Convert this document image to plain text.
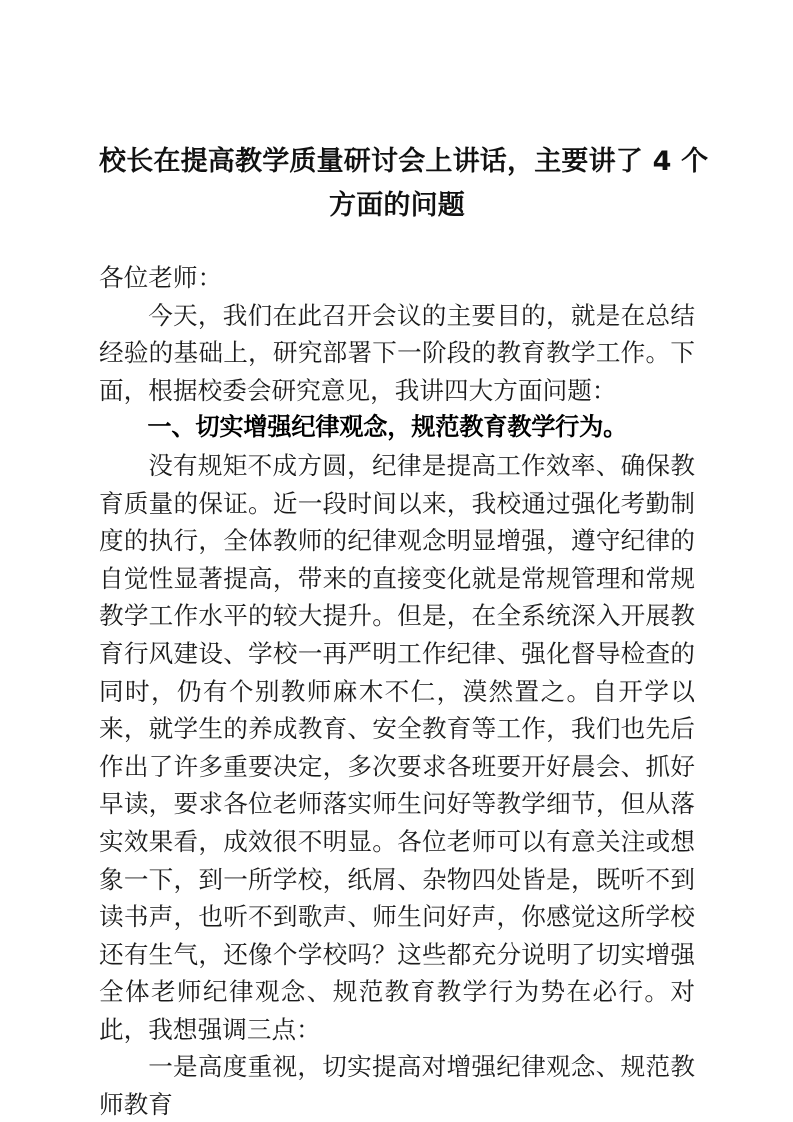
校长在提高教学质量研讨会上讲话，主要讲了 4 个
方面的问题

各位老师：

今天，我们在此召开会议的主要目的，就是在总结经验的基础上，研究部署下一阶段的教育教学工作。下面，根据校委会研究意见，我讲四大方面问题：

一、切实增强纪律观念，规范教育教学行为。

没有规矩不成方圆，纪律是提高工作效率、确保教育质量的保证。近一段时间以来，我校通过强化考勤制度的执行，全体教师的纪律观念明显增强，遵守纪律的自觉性显著提高，带来的直接变化就是常规管理和常规教学工作水平的较大提升。但是，在全系统深入开展教育行风建设、学校一再严明工作纪律、强化督导检查的同时，仍有个别教师麻木不仁，漠然置之。自开学以来，就学生的养成教育、安全教育等工作，我们也先后作出了许多重要决定，多次要求各班要开好晨会、抓好早读，要求各位老师落实师生问好等教学细节，但从落实效果看，成效很不明显。各位老师可以有意关注或想象一下，到一所学校，纸屑、杂物四处皆是，既听不到读书声，也听不到歌声、师生问好声，你感觉这所学校还有生气，还像个学校吗？这些都充分说明了切实增强全体老师纪律观念、规范教育教学行为势在必行。对此，我想强调三点：

一是高度重视，切实提高对增强纪律观念、规范教师教育
